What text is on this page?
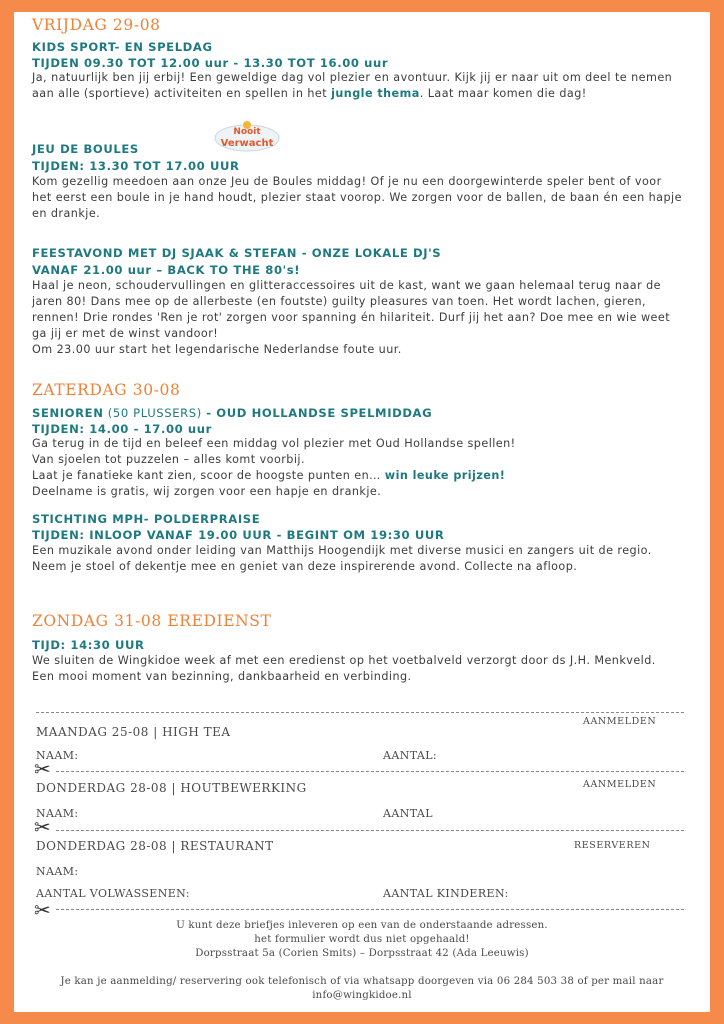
VRIJDAG 29-08
KIDS SPORT- EN SPELDAG
TIJDEN 09.30 TOT 12.00 uur - 13.30 TOT 16.00 uur
Ja, natuurlijk ben jij erbij! Een geweldige dag vol plezier en avontuur. Kijk jij er naar uit om deel te nemen aan alle (sportieve) activiteiten en spellen in het jungle thema. Laat maar komen die dag!
JEU DE BOULES
Nooit
Verwacht
TIJDEN: 13.30 TOT 17.00 UUR
Kom gezellig meedoen aan onze Jeu de Boules middag! Of je nu een doorgewinterde speler bent of voor het eerst een boule in je hand houdt, plezier staat voorop. We zorgen voor de ballen, de baan én een hapje en drankje.
FEESTAVOND MET DJ SJAAK & STEFAN - ONZE LOKALE DJ'S
VANAF 21.00 uur – BACK TO THE 80's!
Haal je neon, schoudervullingen en glitteraccessoires uit de kast, want we gaan helemaal terug naar de jaren 80! Dans mee op de allerbeste (en foutste) guilty pleasures van toen. Het wordt lachen, gieren, rennen! Drie rondes 'Ren je rot' zorgen voor spanning én hilariteit. Durf jij het aan? Doe mee en wie weet ga jij er met de winst vandoor!
Om 23.00 uur start het legendarische Nederlandse foute uur.
ZATERDAG 30-08
SENIOREN (50 PLUSSERS) - OUD HOLLANDSE SPELMIDDAG
TIJDEN: 14.00 - 17.00 uur
Ga terug in de tijd en beleef een middag vol plezier met Oud Hollandse spellen!
Van sjoelen tot puzzelen – alles komt voorbij.
Laat je fanatieke kant zien, scoor de hoogste punten en… win leuke prijzen!
Deelname is gratis, wij zorgen voor een hapje en drankje.
STICHTING MPH- POLDERPRAISE
TIJDEN: INLOOP VANAF 19.00 UUR - BEGINT OM 19:30 UUR
Een muzikale avond onder leiding van Matthijs Hoogendijk met diverse musici en zangers uit de regio. Neem je stoel of dekentje mee en geniet van deze inspirerende avond. Collecte na afloop.
ZONDAG 31-08 EREDIENST
TIJD: 14:30 UUR
We sluiten de Wingkidoe week af met een eredienst op het voetbalveld verzorgt door ds J.H. Menkveld. Een mooi moment van bezinning, dankbaarheid en verbinding.
AANMELDEN
MAANDAG 25-08 | HIGH TEA
NAAM:	AANTAL:
✂
DONDERDAG 28-08 | HOUTBEWERKING	AANMELDEN
NAAM:	AANTAL
✂
DONDERDAG 28-08 | RESTAURANT	RESERVEREN
NAAM:
AANTAL VOLWASSENEN:	AANTAL KINDEREN:
✂
U kunt deze briefjes inleveren op een van de onderstaande adressen.
het formulier wordt dus niet opgehaald!
Dorpsstraat 5a (Corien Smits) – Dorpsstraat 42 (Ada Leeuwis)
Je kan je aanmelding/ reservering ook telefonisch of via whatsapp doorgeven via 06 284 503 38 of per mail naar
info@wingkidoe.nl
